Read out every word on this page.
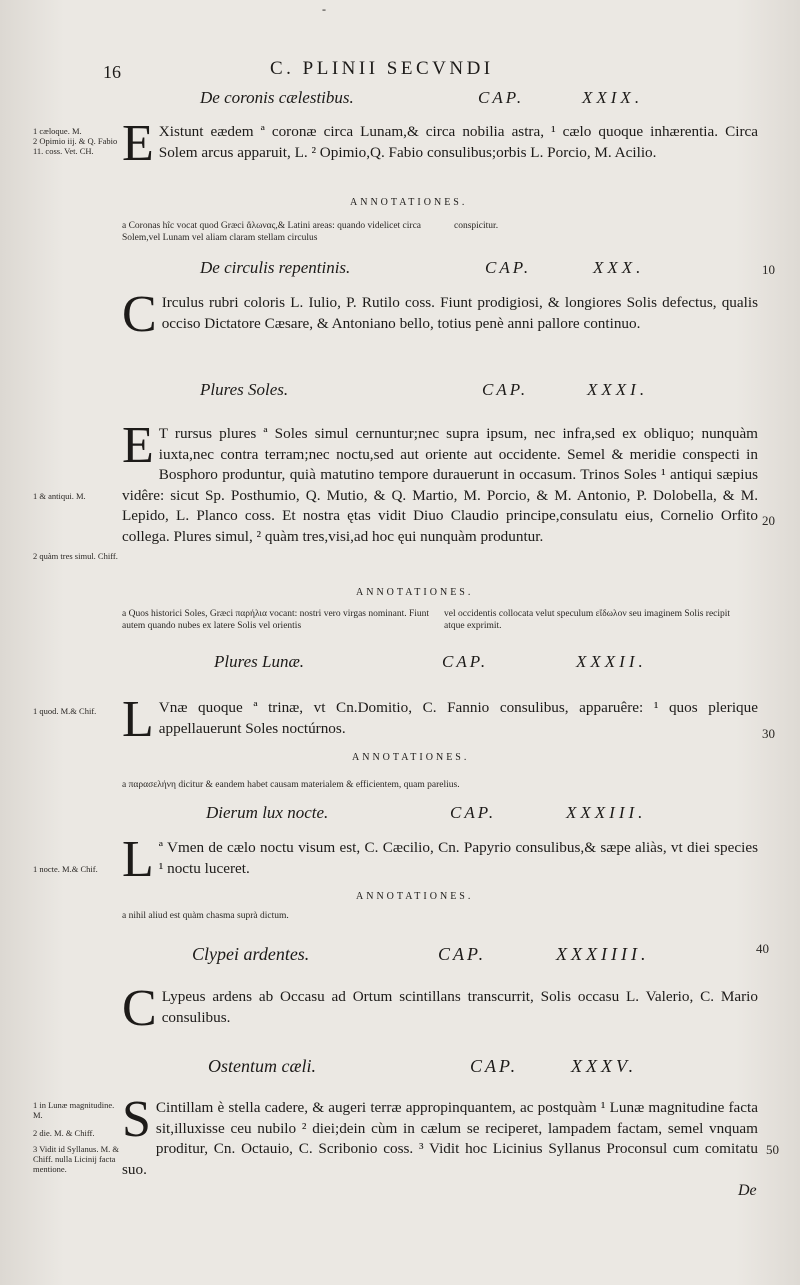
-
16	C. PLINII SECVNDI
De coronis cælestibus.	CAP.	XXIX.
1 cæloque. M.
2 Opimio iij. & Q. Fabio 11. coss. Vet. CH. E Xistunt eædem ª coronæ circa Lunam,& circa nobilia astra, ¹ cælo quoque inhærentia. Circa Solem arcus apparuit, L. ² Opimio,Q. Fabio consulibus;orbis L. Porcio, M. Acilio.
ANNOTATIONES.
a Coronas hîc vocat quod Græci ἅλωνας,& Latini areas: quando videlicet circa Solem,vel Lunam vel aliam claram stellam circulus
conspicitur.
De circulis repentinis.	CAP.	XXX.
C Irculus rubri coloris L. Iulio, P. Rutilo coss. Fiunt prodigiosi, & longiores Solis defectus, qualis occiso Dictatore Cæsare, & Antoniano bello, totius penè anni pallore continuo.
Plures Soles.	CAP.	XXXI.
1 & antiqui. M.
2 quàm tres simul. Chiff.
E T rursus plures ª Soles simul cernuntur;nec supra ipsum, nec infra,sed ex obliquo; nunquàm iuxta,nec contra terram;nec noctu,sed aut oriente aut occidente. Semel & meridie conspecti in Bosphoro produntur, quià matutino tempore durauerunt in occasum. Trinos Soles ¹ antiqui sæpius vidêre: sicut Sp. Posthumio, Q. Mutio, & Q. Martio, M. Porcio, & M. Antonio, P. Dolobella, & M. Lepido, L. Planco coss. Et nostra ętas vidit Diuo Claudio principe,consulatu eius, Cornelio Orfito collega. Plures simul, ² quàm tres,visi,ad hoc ęui nunquàm produntur.
ANNOTATIONES.
a Quos historici Soles, Græci παρήλια vocant: nostri vero virgas nominant. Fiunt autem quando nubes ex latere Solis vel orientis
vel occidentis collocata velut speculum εἴδωλον seu imaginem Solis recipit atque exprimit.
Plures Lunæ.	CAP.	XXXII.
1 quod. M.& Chif. L Vnæ quoque ª trinæ, vt Cn.Domitio, C. Fannio consulibus, apparuêre: ¹ quos plerique appellauerunt Soles noctúrnos.
ANNOTATIONES.
a παρασελήνη dicitur & eandem habet causam materialem & efficientem, quam parelius.
Dierum lux nocte.	CAP.	XXXIII.
1 nocte. M.& Chif. Lª Vmen de cælo noctu visum est, C. Cæcilio, Cn. Papyrio consulibus,& sæpe aliàs, vt diei species ¹ noctu luceret.
ANNOTATIONES.
a nihil aliud est quàm chasma suprà dictum.
Clypei ardentes.	CAP.	XXXIIII.
C Lypeus ardens ab Occasu ad Ortum scintillans transcurrit, Solis occasu L. Valerio, C. Mario consulibus.
Ostentum cæli.	CAP.	XXXV.
1 in Lunæ magnitudine. M.
2 die. M. & Chiff.
3 Vidit id Syllanus. M. & Chiff. nulla Licinij facta mentione.
S Cintillam è stella cadere, & augeri terræ appropinquantem, ac postquàm ¹ Lunæ magnitudine facta sit,illuxisse ceu nubilo ² diei;dein cùm in cælum se reciperet, lampadem factam, semel vnquam proditur, Cn. Octauio, C. Scribonio coss. ³ Vidit hoc Licinius Syllanus Proconsul cum comitatu suo.
10
20
30
40
50
De
